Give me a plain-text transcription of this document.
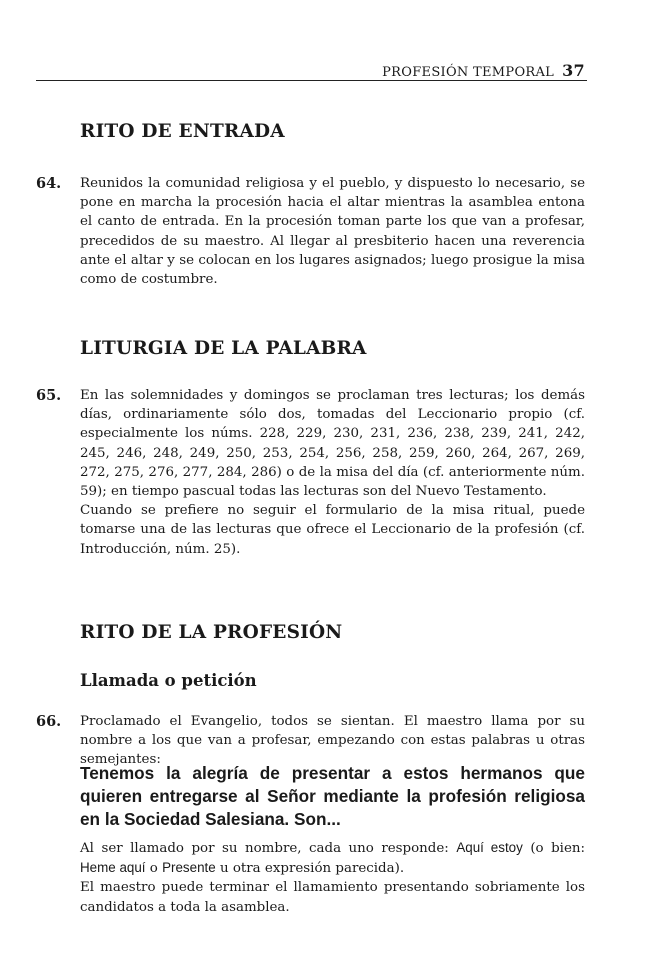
PROFESIÓN TEMPORAL 37
RITO DE ENTRADA
64. Reunidos la comunidad religiosa y el pueblo, y dispuesto lo necesario, se pone en marcha la procesión hacia el altar mientras la asamblea entona el canto de entrada. En la procesión toman parte los que van a profesar, precedidos de su maestro. Al llegar al presbiterio hacen una reverencia ante el altar y se colocan en los lugares asignados; luego prosigue la misa como de costumbre.

LITURGIA DE LA PALABRA
65. En las solemnidades y domingos se proclaman tres lecturas; los demás días, ordinariamente sólo dos, tomadas del Leccionario propio (cf. especialmente los núms. 228, 229, 230, 231, 236, 238, 239, 241, 242, 245, 246, 248, 249, 250, 253, 254, 256, 258, 259, 260, 264, 267, 269, 272, 275, 276, 277, 284, 286) o de la misa del día (cf. anteriormente núm. 59); en tiempo pascual todas las lecturas son del Nuevo Testamento.

Cuando se prefiere no seguir el formulario de la misa ritual, puede tomarse una de las lecturas que ofrece el Leccionario de la profesión (cf. Introducción, núm. 25).

RITO DE LA PROFESIÓN
Llamada o petición
66. Proclamado el Evangelio, todos se sientan. El maestro llama por su nombre a los que van a profesar, empezando con estas palabras u otras semejantes:

Tenemos la alegría de presentar a estos hermanos que quieren entregarse al Señor mediante la profesión religiosa en la Sociedad Salesiana. Son...

Al ser llamado por su nombre, cada uno responde: Aquí estoy (o bien: Heme aquí o Presente u otra expresión parecida).

El maestro puede terminar el llamamiento presentando sobriamente los candidatos a toda la asamblea.
